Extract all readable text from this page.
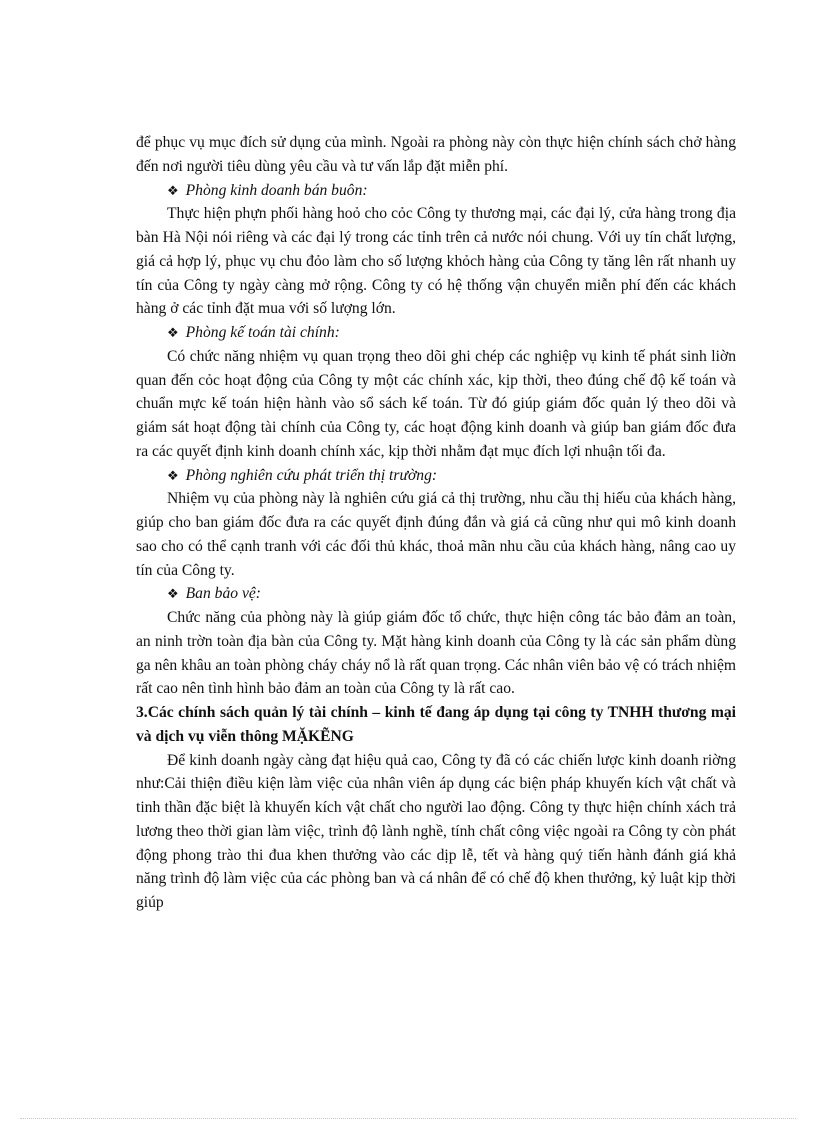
để phục vụ mục đích sử dụng của mình. Ngoài ra phòng này còn thực hiện chính sách chở hàng đến nơi người tiêu dùng yêu cầu và tư vấn lắp đặt miễn phí.

❖ Phòng kinh doanh bán buôn:

Thực hiện phựn phối hàng hoỏ cho cỏc Công ty thương mại, các đại lý, cửa hàng trong địa bàn Hà Nội nói riêng và các đại lý trong các tỉnh trên cả nước nói chung. Với uy tín chất lượng, giá cả hợp lý, phục vụ chu đỏo làm cho số lượng khỏch hàng của Công ty tăng lên rất nhanh uy tín của Công ty ngày càng mở rộng. Công ty có hệ thống vận chuyển miễn phí đến các khách hàng ở các tỉnh đặt mua với số lượng lớn.

❖ Phòng kế toán tài chính:

Có chức năng nhiệm vụ quan trọng theo dõi ghi chép các nghiệp vụ kinh tế phát sinh liờn quan đến cỏc hoạt động của Công ty một các chính xác, kịp thời, theo đúng chế độ kế toán và chuẩn mực kế toán hiện hành vào sổ sách kế toán. Từ đó giúp giám đốc quản lý theo dõi và giám sát hoạt động tài chính của Công ty, các hoạt động kinh doanh và giúp ban giám đốc đưa ra các quyết định kinh doanh chính xác, kịp thời nhằm đạt mục đích lợi nhuận tối đa.

❖ Phòng nghiên cứu phát triển thị trường:

Nhiệm vụ của phòng này là nghiên cứu giá cả thị trường, nhu cầu thị hiếu của khách hàng, giúp cho ban giám đốc đưa ra các quyết định đúng đắn và giá cả cũng như qui mô kinh doanh sao cho có thể cạnh tranh với các đối thủ khác, thoả mãn nhu cầu của khách hàng, nâng cao uy tín của Công ty.

❖ Ban bảo vệ:

Chức năng của phòng này là giúp giám đốc tổ chức, thực hiện công tác bảo đảm an toàn, an ninh trờn toàn địa bàn của Công ty. Mặt hàng kinh doanh của Công ty là các sản phẩm dùng ga nên khâu an toàn phòng cháy cháy nổ là rất quan trọng. Các nhân viên bảo vệ có trách nhiệm rất cao nên tình hình bảo đảm an toàn của Công ty là rất cao.

3.Các chính sách quản lý tài chính – kinh tế đang áp dụng tại công ty TNHH thương mại và dịch vụ viễn thông MẶKẼNG

Để kinh doanh ngày càng đạt hiệu quả cao, Công ty đã có các chiến lược kinh doanh riờng như:Cải thiện điều kiện làm việc của nhân viên áp dụng các biện pháp khuyến kích vật chất và tinh thần đặc biệt là khuyến kích vật chất cho người lao động. Công ty thực hiện chính xách trả lương theo thời gian làm việc, trình độ lành nghề, tính chất công việc ngoài ra Công ty còn phát động phong trào thi đua khen thưởng vào các dịp lễ, tết và hàng quý tiến hành đánh giá khả năng trình độ làm việc của các phòng ban và cá nhân để có chế độ khen thưởng, kỷ luật kịp thời giúp
